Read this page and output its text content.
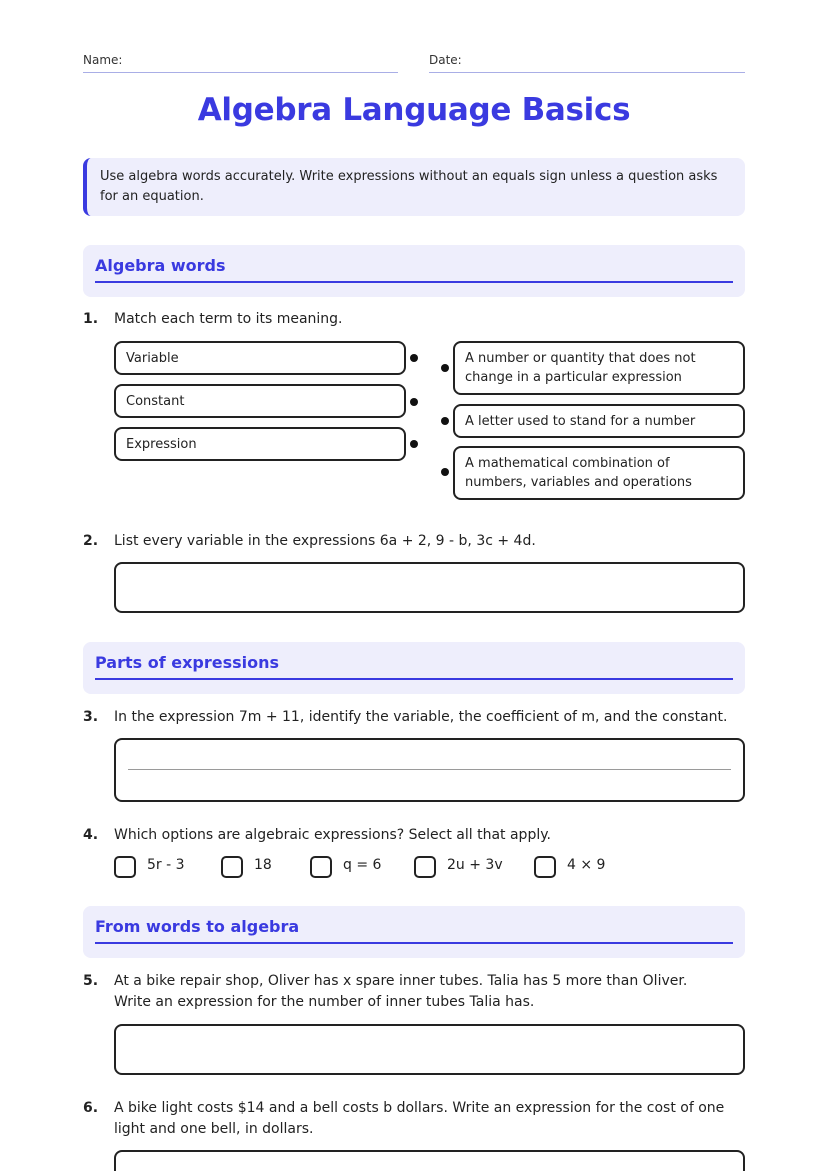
Name:	Date:
Algebra Language Basics
Use algebra words accurately. Write expressions without an equals sign unless a question asks for an equation.
Algebra words
1. Match each term to its meaning.
Variable
Constant
Expression
A number or quantity that does not change in a particular expression
A letter used to stand for a number
A mathematical combination of numbers, variables and operations
2. List every variable in the expressions 6a + 2, 9 - b, 3c + 4d.
Parts of expressions
3. In the expression 7m + 11, identify the variable, the coefficient of m, and the constant.
4. Which options are algebraic expressions? Select all that apply.
5r - 3	18	q = 6	2u + 3v	4 × 9
From words to algebra
5. At a bike repair shop, Oliver has x spare inner tubes. Talia has 5 more than Oliver. Write an expression for the number of inner tubes Talia has.
6. A bike light costs $14 and a bell costs b dollars. Write an expression for the cost of one light and one bell, in dollars.
